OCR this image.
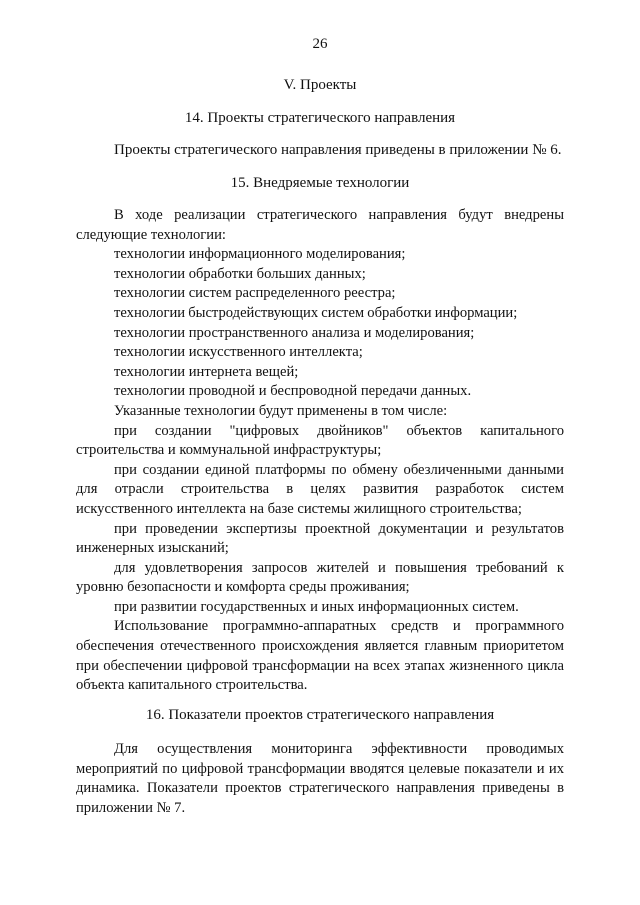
26
V. Проекты
14. Проекты стратегического направления
Проекты стратегического направления приведены в приложении № 6.
15. Внедряемые технологии

В ходе реализации стратегического направления будут внедрены следующие технологии:

технологии информационного моделирования;

технологии обработки больших данных;

технологии систем распределенного реестра;

технологии быстродействующих систем обработки информации;

технологии пространственного анализа и моделирования;

технологии искусственного интеллекта;

технологии интернета вещей;

технологии проводной и беспроводной передачи данных.

Указанные технологии будут применены в том числе:

при создании "цифровых двойников" объектов капитального строительства и коммунальной инфраструктуры;

при создании единой платформы по обмену обезличенными данными для отрасли строительства в целях развития разработок систем искусственного интеллекта на базе системы жилищного строительства;

при проведении экспертизы проектной документации и результатов инженерных изысканий;

для удовлетворения запросов жителей и повышения требований к уровню безопасности и комфорта среды проживания;

при развитии государственных и иных информационных систем.

Использование программно-аппаратных средств и программного обеспечения отечественного происхождения является главным приоритетом при обеспечении цифровой трансформации на всех этапах жизненного цикла объекта капитального строительства.

16. Показатели проектов стратегического направления

Для осуществления мониторинга эффективности проводимых мероприятий по цифровой трансформации вводятся целевые показатели и их динамика. Показатели проектов стратегического направления приведены в приложении № 7.
